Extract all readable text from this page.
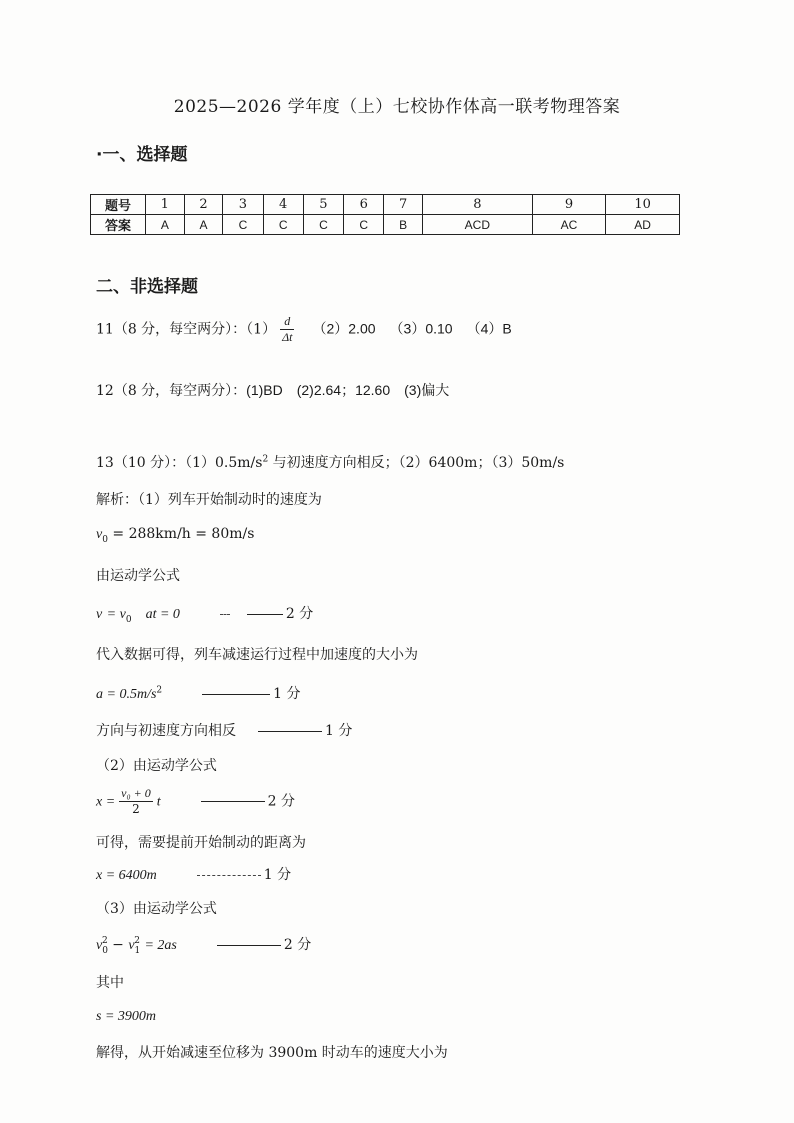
2025—2026 学年度（上）七校协作体高一联考物理答案
·一、选择题
题号	1	2	3	4	5	6	7	8	9	10
答案	A	A	C	C	C	C	B	ACD	AC	AD
二、非选择题
11（8 分，每空两分）：$(1) \frac{d}{\Delta t} (2)2.00$ （3）0.10 （4）B
12（8 分，每空两分）：(1)BD (2)2.64；12.60 (3)偏大
13（10 分）：$(1)0.5m/s^2$ 与初速度方向相反；（2）6400m；（3）50m/s
解析：（1）列车开始制动时的速度为
$v_0 = 288km/h = 80m/s$
由运动学公式
$v = v_0$ at = 0	2 分
代入数据可得，列车减速运行过程中加速度的大小为
$a = 0.5m/s^2$	1 分
方向与初速度方向相反	1 分
（2）由运动学公式
$x = \frac{\text{v₀ + 0}}{2}$ t	2 分
可得，需要提前开始制动的距离为
x = 6400m	1 分
（3）由运动学公式
$v_0^2 - v_1^2 = 2as$	2 分
其中
s = 3900m
解得，从开始减速至位移为 3900m 时动车的速度大小为
